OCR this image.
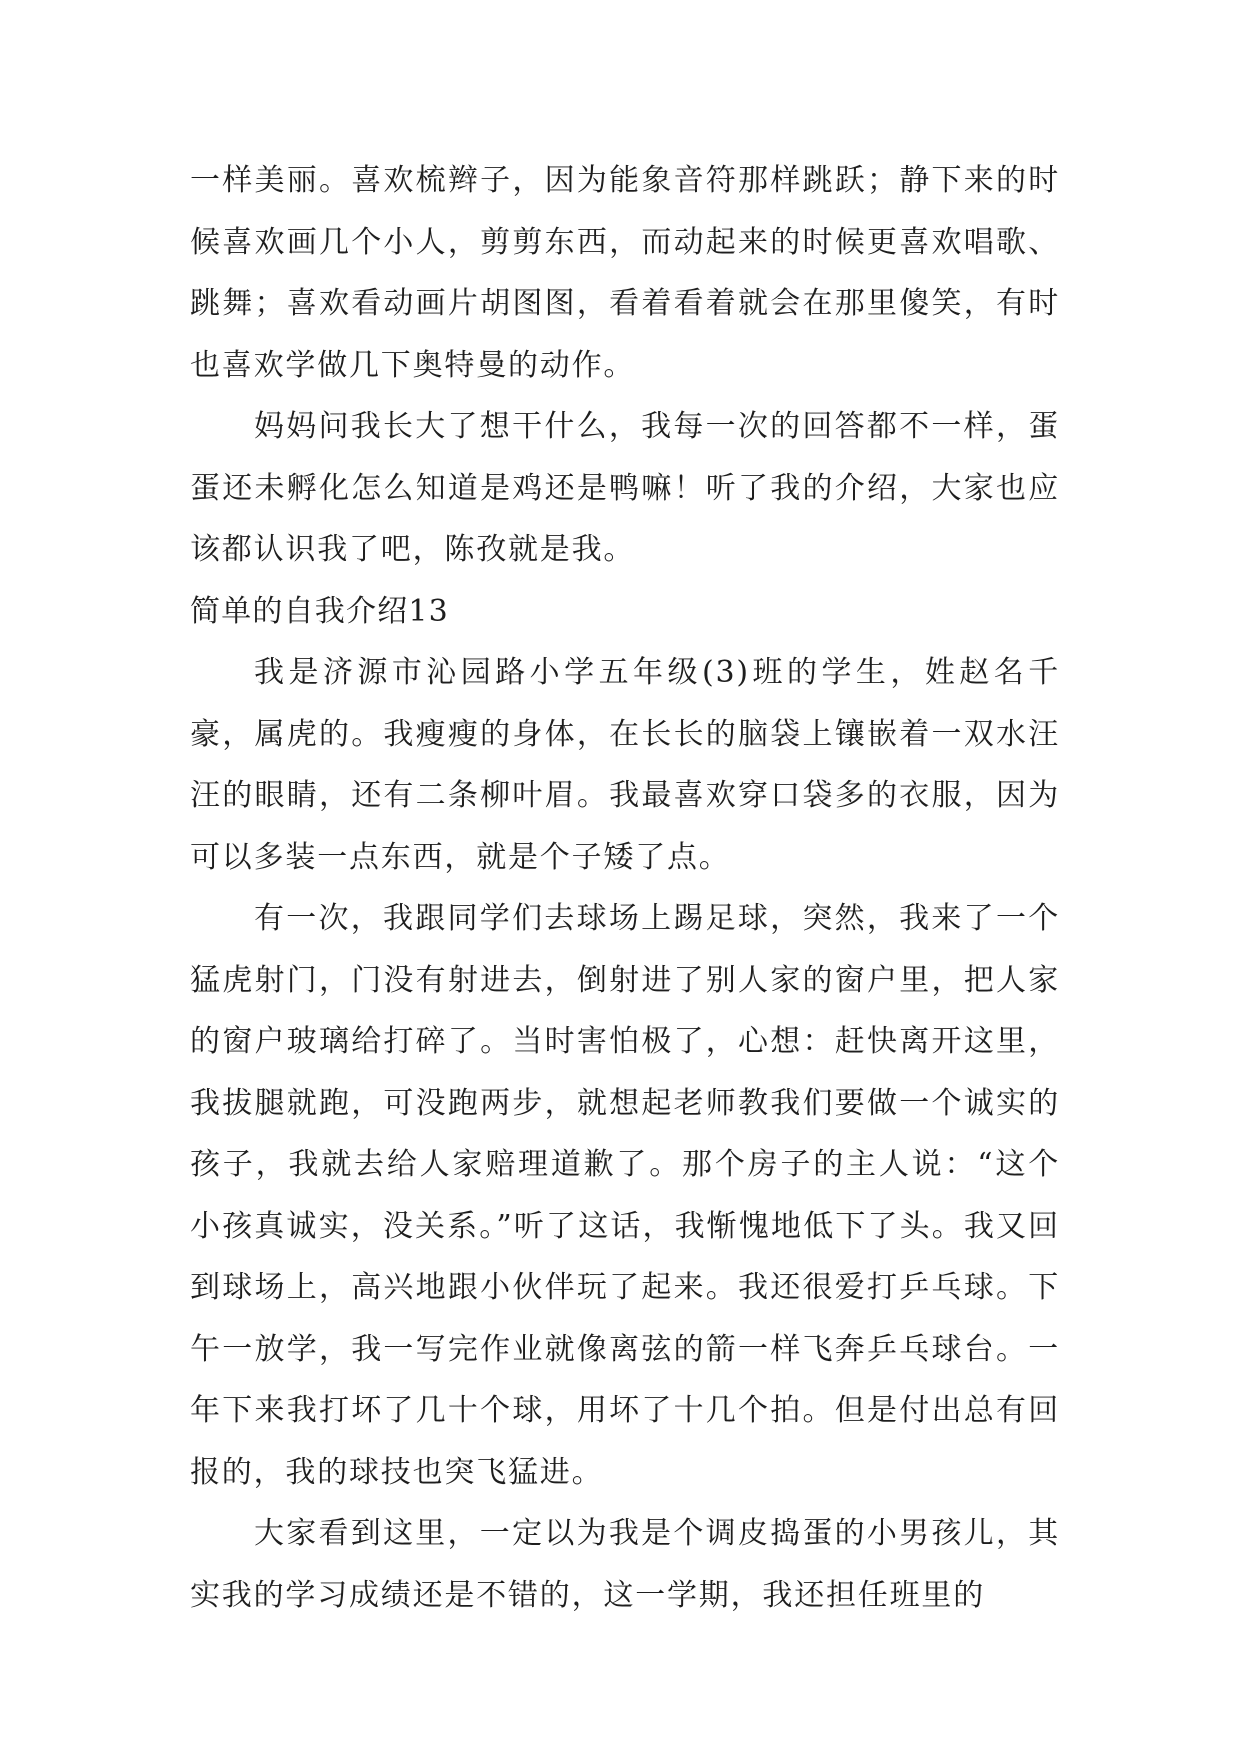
一样美丽。喜欢梳辫子，因为能象音符那样跳跃；静下来的时候喜欢画几个小人，剪剪东西，而动起来的时候更喜欢唱歌、跳舞；喜欢看动画片胡图图，看着看着就会在那里傻笑，有时也喜欢学做几下奥特曼的动作。

妈妈问我长大了想干什么，我每一次的回答都不一样，蛋蛋还未孵化怎么知道是鸡还是鸭嘛！听了我的介绍，大家也应该都认识我了吧，陈孜就是我。

简单的自我介绍13

我是济源市沁园路小学五年级(3)班的学生，姓赵名千豪，属虎的。我瘦瘦的身体，在长长的脑袋上镶嵌着一双水汪汪的眼睛，还有二条柳叶眉。我最喜欢穿口袋多的衣服，因为可以多装一点东西，就是个子矮了点。

有一次，我跟同学们去球场上踢足球，突然，我来了一个猛虎射门，门没有射进去，倒射进了别人家的窗户里，把人家的窗户玻璃给打碎了。当时害怕极了，心想：赶快离开这里，我拔腿就跑，可没跑两步，就想起老师教我们要做一个诚实的孩子，我就去给人家赔理道歉了。那个房子的主人说：“这个小孩真诚实，没关系。”听了这话，我惭愧地低下了头。我又回到球场上，高兴地跟小伙伴玩了起来。我还很爱打乒乓球。下午一放学，我一写完作业就像离弦的箭一样飞奔乒乓球台。一年下来我打坏了几十个球，用坏了十几个拍。但是付出总有回报的，我的球技也突飞猛进。

大家看到这里，一定以为我是个调皮捣蛋的小男孩儿，其实我的学习成绩还是不错的，这一学期，我还担任班里的
